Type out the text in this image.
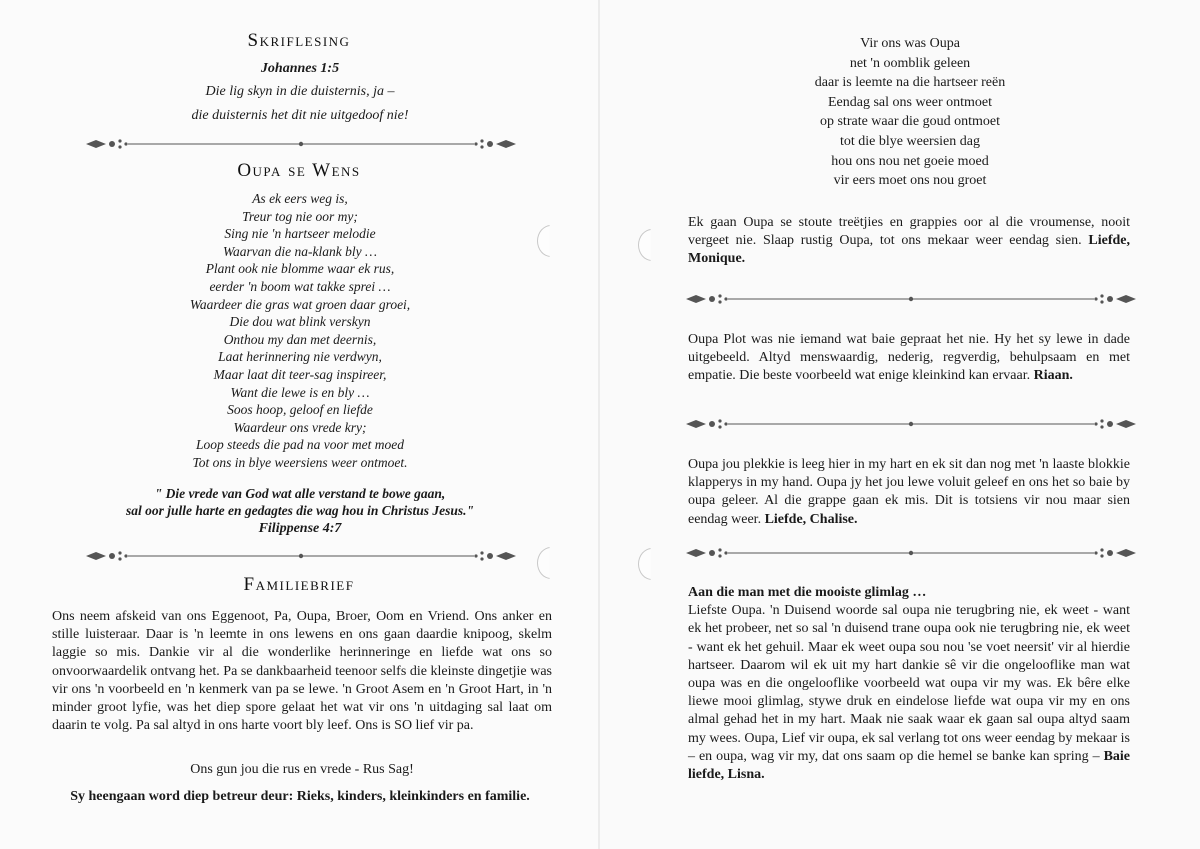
Skriflesing
Johannes 1:5
Die lig skyn in die duisternis, ja –
die duisternis het dit nie uitgedoof nie!
Oupa se Wens
As ek eers weg is,
Treur tog nie oor my;
Sing nie 'n hartseer melodie
Waarvan die na-klank bly …
Plant ook nie blomme waar ek rus,
eerder 'n boom wat takke sprei …
Waardeer die gras wat groen daar groei,
Die dou wat blink verskyn
Onthou my dan met deernis,
Laat herinnering nie verdwyn,
Maar laat dit teer-sag inspireer,
Want die lewe is en bly …
Soos hoop, geloof en liefde
Waardeur ons vrede kry;
Loop steeds die pad na voor met moed
Tot ons in blye weersiens weer ontmoet.
" Die vrede van God wat alle verstand te bowe gaan,
sal oor julle harte en gedagtes die wag hou in Christus Jesus."
Filippense 4:7
Familiebrief
Ons neem afskeid van ons Eggenoot, Pa, Oupa, Broer, Oom en Vriend. Ons anker en stille luisteraar. Daar is 'n leemte in ons lewens en ons gaan daardie knipoog, skelm laggie so mis. Dankie vir al die wonderlike herinneringe en liefde wat ons so onvoorwaardelik ontvang het. Pa se dankbaarheid teenoor selfs die kleinste dingetjie was vir ons 'n voorbeeld en 'n kenmerk van pa se lewe. 'n Groot Asem en 'n Groot Hart, in 'n minder groot lyfie, was het diep spore gelaat het wat vir ons 'n uitdaging sal laat om daarin te volg. Pa sal altyd in ons harte voort bly leef. Ons is SO lief vir pa.
Ons gun jou die rus en vrede - Rus Sag!
Sy heengaan word diep betreur deur: Rieks, kinders, kleinkinders en familie.
Vir ons was Oupa
net 'n oomblik geleen
daar is leemte na die hartseer reën
Eendag sal ons weer ontmoet
op strate waar die goud ontmoet
tot die blye weersien dag
hou ons nou net goeie moed
vir eers moet ons nou groet
Ek gaan Oupa se stoute treëtjies en grappies oor al die vroumense, nooit vergeet nie. Slaap rustig Oupa, tot ons mekaar weer eendag sien. Liefde, Monique.
Oupa Plot was nie iemand wat baie gepraat het nie. Hy het sy lewe in dade uitgebeeld. Altyd menswaardig, nederig, regverdig, behulpsaam en met empatie. Die beste voorbeeld wat enige kleinkind kan ervaar. Riaan.
Oupa jou plekkie is leeg hier in my hart en ek sit dan nog met 'n laaste blokkie klapperys in my hand. Oupa jy het jou lewe voluit geleef en ons het so baie by oupa geleer. Al die grappe gaan ek mis. Dit is totsiens vir nou maar sien eendag weer. Liefde, Chalise.
Aan die man met die mooiste glimlag …
Liefste Oupa. 'n Duisend woorde sal oupa nie terugbring nie, ek weet - want ek het probeer, net so sal 'n duisend trane oupa ook nie terugbring nie, ek weet - want ek het gehuil. Maar ek weet oupa sou nou 'se voet neersit' vir al hierdie hartseer. Daarom wil ek uit my hart dankie sê vir die ongelooflike man wat oupa was en die ongelooflike voorbeeld wat oupa vir my was. Ek bêre elke liewe mooi glimlag, stywe druk en eindelose liefde wat oupa vir my en ons almal gehad het in my hart. Maak nie saak waar ek gaan sal oupa altyd saam my wees. Oupa, Lief vir oupa, ek sal verlang tot ons weer eendag by mekaar is – en oupa, wag vir my, dat ons saam op die hemel se banke kan spring – Baie liefde, Lisna.
